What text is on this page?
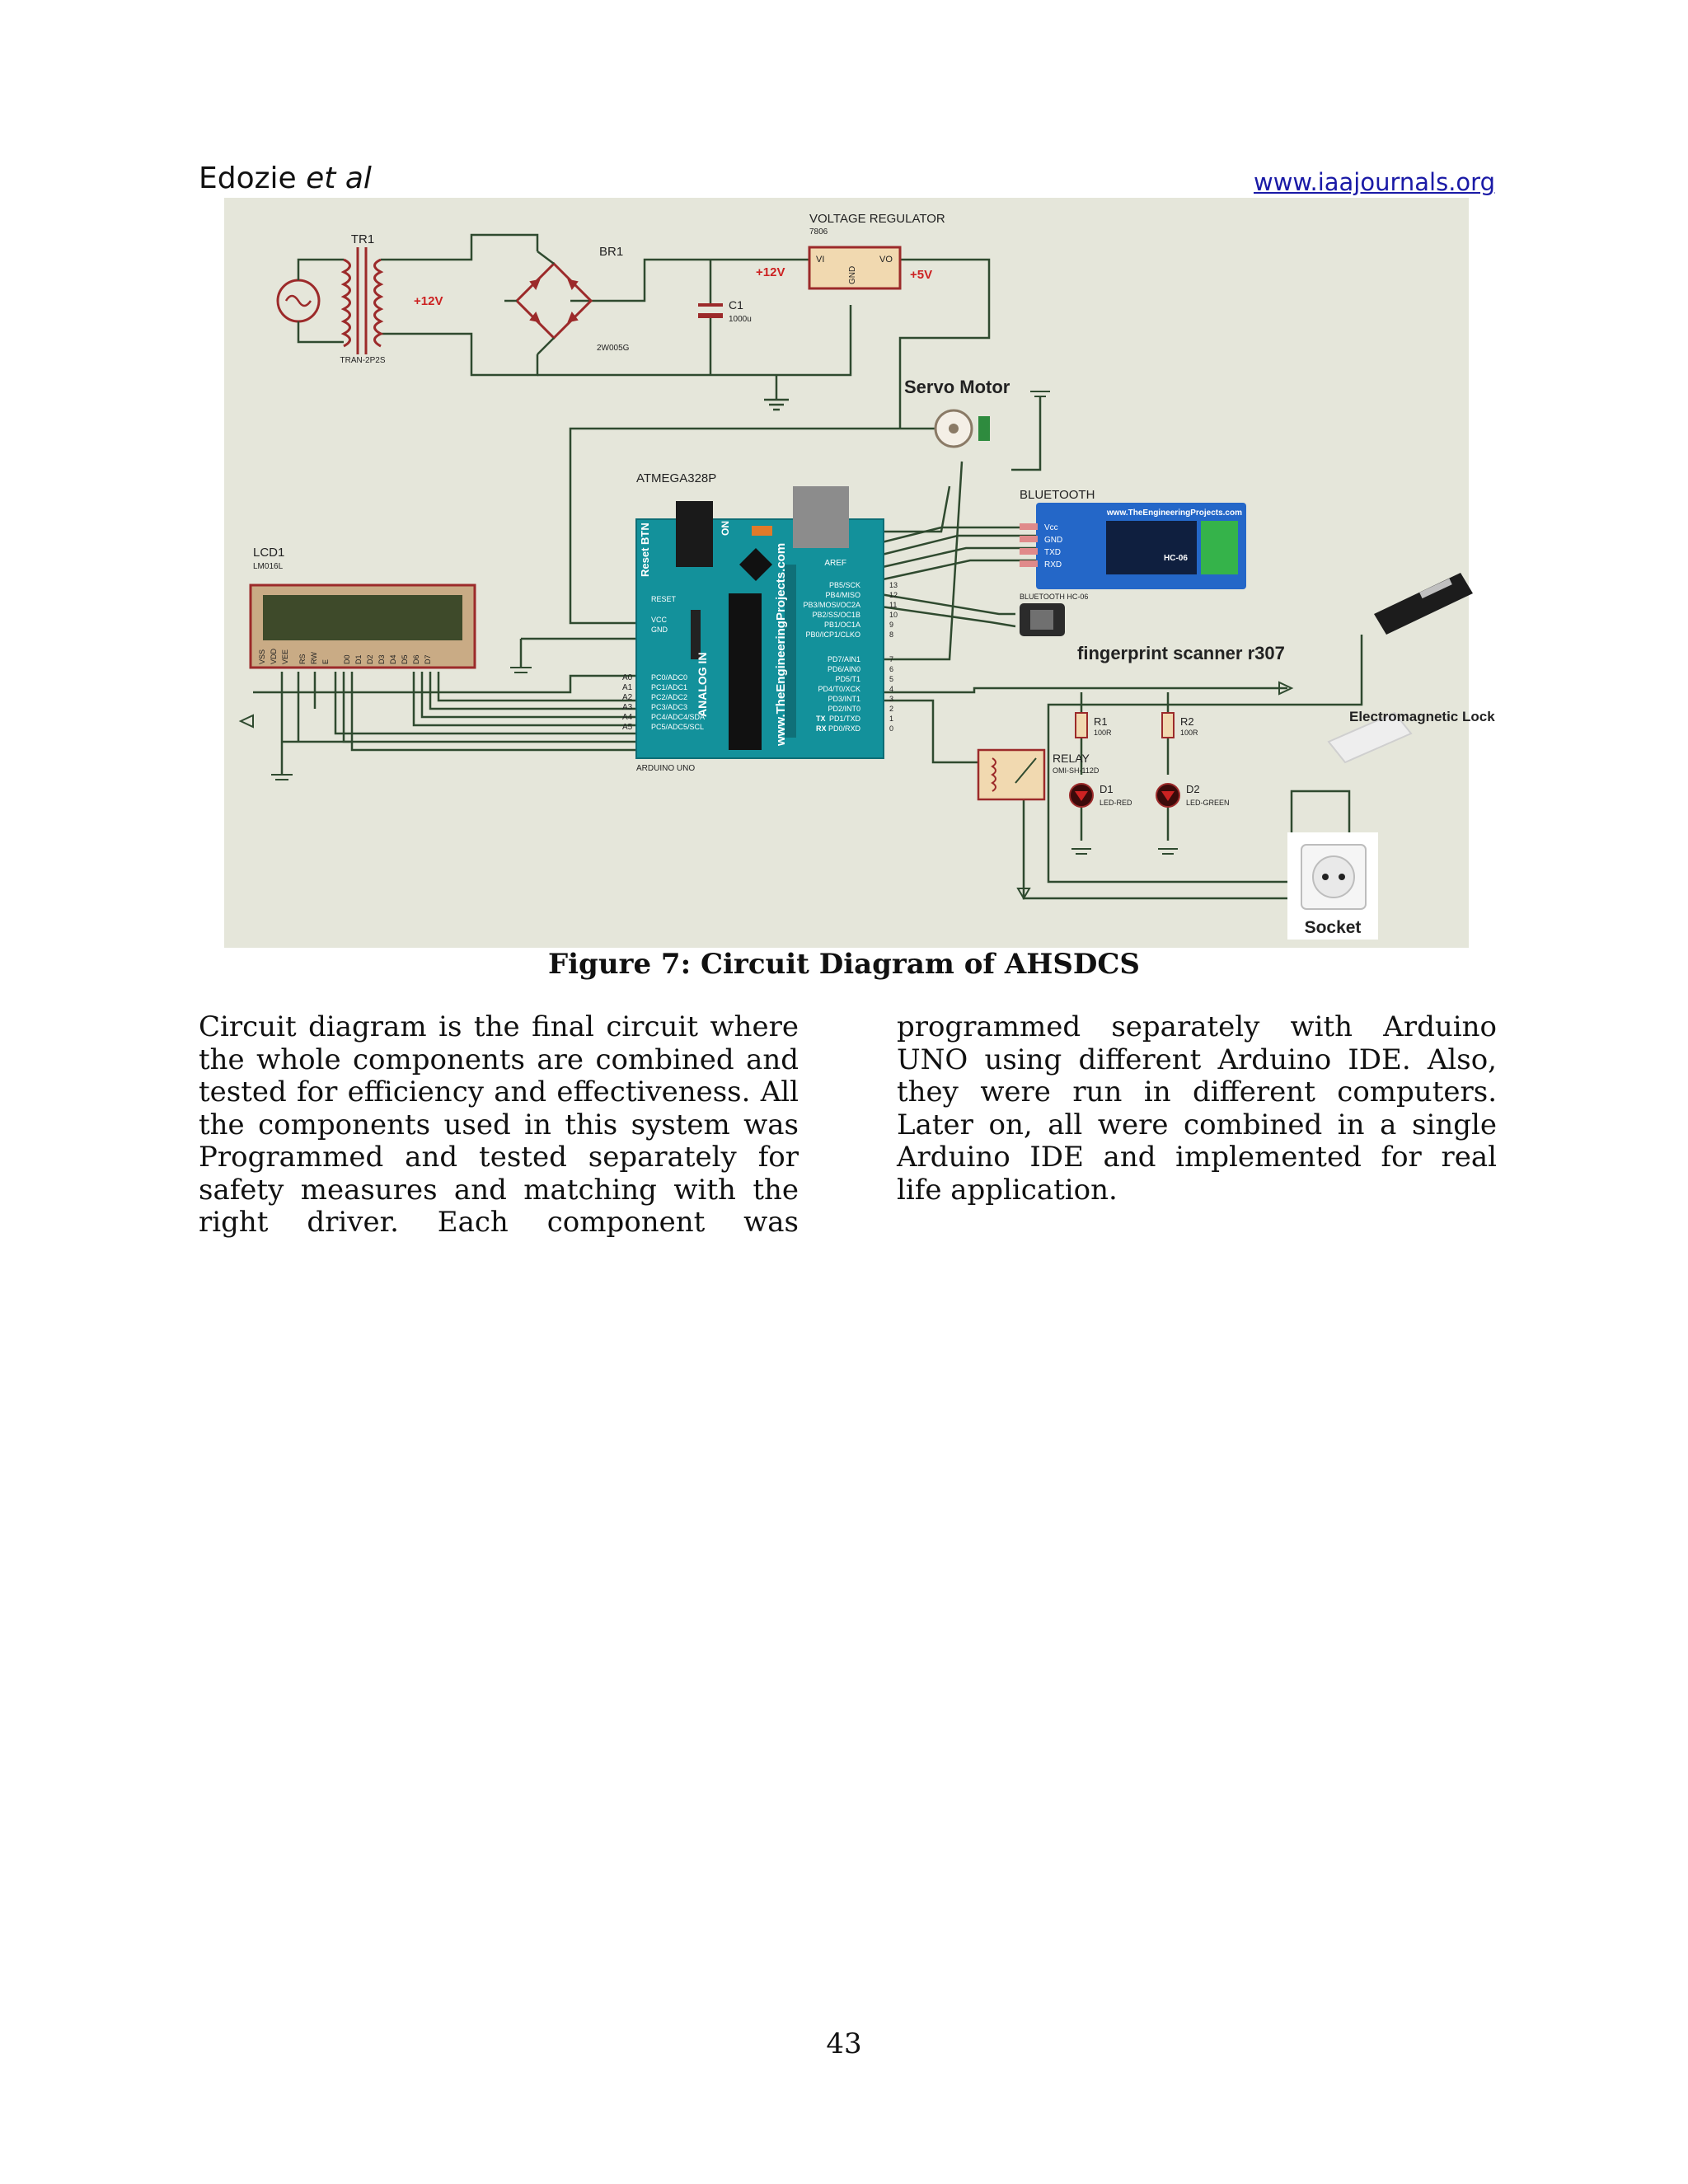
Edozie et al	www.iaajournals.org
TR1
TRAN-2P2S
+12V
BR1
2W005G
C1
1000u
+12V
VOLTAGE REGULATOR
7806
VI	VO
GND	+5V
Servo Motor
ATMEGA328P
Reset BTN	ON
ANALOG IN	www.TheEngineeringProjects.com
ARDUINO UNO
AREF
RESET
VCC
GND
PC0/ADC0
PC1/ADC1
PC2/ADC2
PC3/ADC3
PC4/ADC4/SDA
PC5/ADC5/SCL
A0
A1
A2
A3
A4
A5
PB5/SCK
PB4/MISO
PB3/MOSI/OC2A
PB2/SS/OC1B
PB1/OC1A
PB0/ICP1/CLKO
13
12
11
10
9
8
PD7/AIN1
PD6/AIN0
PD5/T1
PD4/T0/XCK
PD3/INT1
PD2/INT0
PD1/TXD
PD0/RXD
7
6
5
4
3
2
1
0
TX
RX
LCD1
LM016L
VSS VDD VEE RS RW E D0 D1 D2 D3 D4 D5 D6 D7
BLUETOOTH
www.TheEngineeringProjects.com
HC-06
Vcc
GND
TXD
RXD
BLUETOOTH HC-06
fingerprint scanner r307
Electromagnetic Lock
RELAY
OMI-SH-112D
R1
100R
R2
100R
D1
LED-RED
D2
LED-GREEN
Socket
Figure 7: Circuit Diagram of AHSDCS
Circuit diagram is the final circuit where the whole components are combined and tested for efficiency and effectiveness. All the components used in this system was Programmed and tested separately for safety measures and matching with the right driver. Each component was
programmed separately with Arduino UNO using different Arduino IDE. Also, they were run in different computers. Later on, all were combined in a single Arduino IDE and implemented for real life application.
43
